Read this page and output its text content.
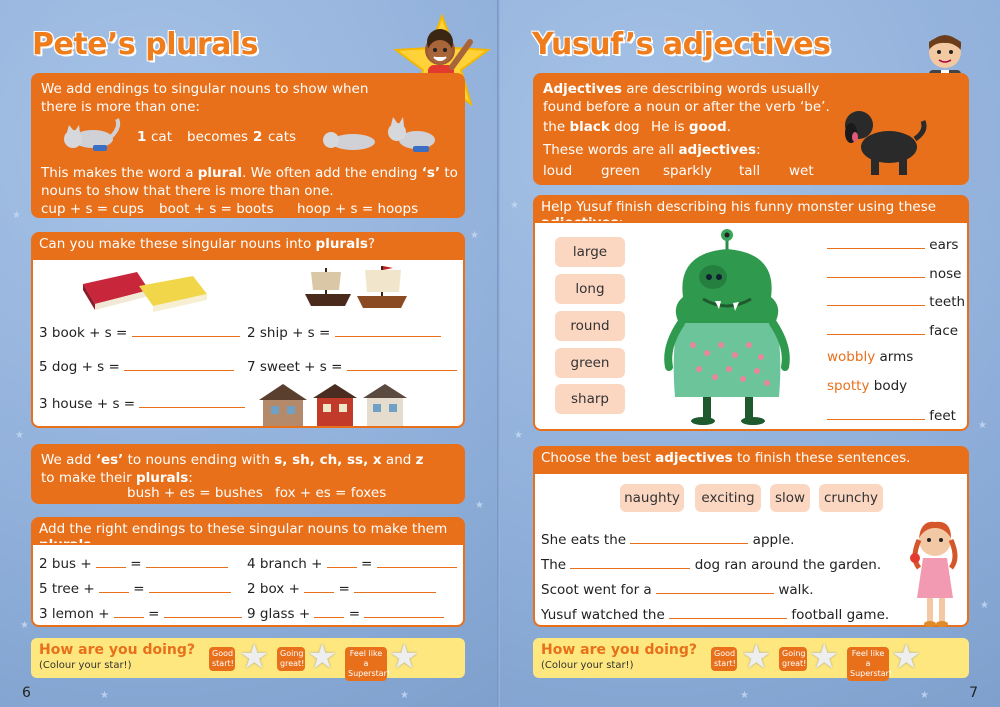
★
★
★
★
★
★
★
Pete’s plurals
We add endings to singular nouns to show when there is more than one:
1 cat becomes 2 cats
This makes the word a plural. We often add the ending ‘s’ to nouns to show that there is more than one.
cup + s = cups boot + s = boots hoop + s = hoops
Can you make these singular nouns into plurals?
3 book + s =	2 ship + s =
5 dog + s =	7 sweet + s =
3 house + s =
We add ‘es’ to nouns ending with s, sh, ch, ss, x and z to make their plurals:
bush + es = bushes fox + es = foxes
Add the right endings to these singular nouns to make them
2 bus +	=	4 branch +	=
5 tree +	=	2 box +	=
3 lemon +	=	9 glass +	=
How are you doing?
(Colour your star!)
Good start! ★	Going great! ★	Feel like a Superstar!
★
6
★
★
★
★
★	★
Yusuf’s adjectives
Adjectives are describing words usually found before a noun or after the verb ‘be’.
the black dog He is good.
These words are all adjectives:
loud green sparkly tall wet
Help Yusuf finish describing his funny monster using these
large
long
round
green
sharp
ears
nose
teeth
face
wobbly arms
spotty body
feet
Choose the best adjectives to finish these sentences.
naughty	exciting	slow	crunchy
She eats the	apple.
The	dog ran around the garden.
Scoot went for a	walk.
Yusuf watched the	football game.
How are you doing?
(Colour your star!)
Good start! ★	Going great! ★	Feel like a Superstar!
★
7
